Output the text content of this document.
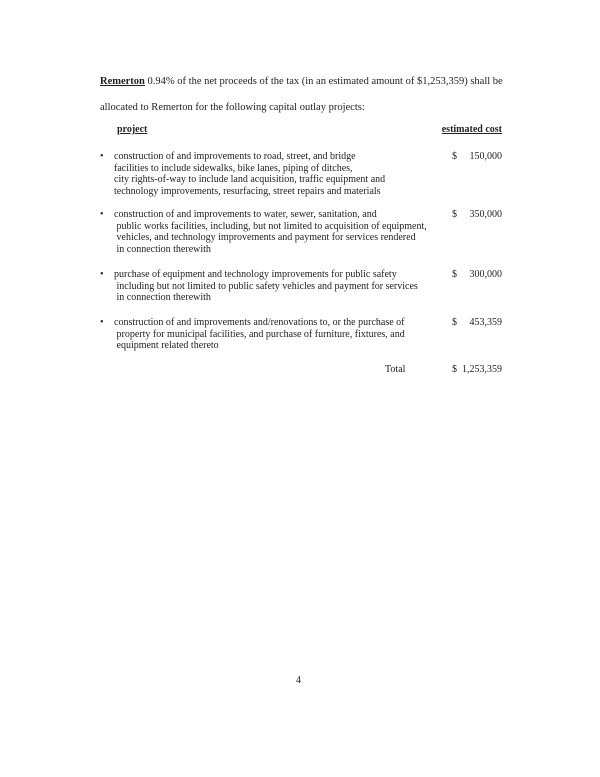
Remerton 0.94% of the net proceeds of the tax (in an estimated amount of $1,253,359) shall be
allocated to Remerton for the following capital outlay projects:
project	estimated cost
• construction of and improvements to road, street, and bridge
facilities to include sidewalks, bike lanes, piping of ditches,
city rights-of-way to include land acquisition, traffic equipment and
technology improvements, resurfacing, street repairs and materials
$ 150,000
• construction of and improvements to water, sewer, sanitation, and
public works facilities, including, but not limited to acquisition of equipment,
vehicles, and technology improvements and payment for services rendered
in connection therewith
$ 350,000
• purchase of equipment and technology improvements for public safety
including but not limited to public safety vehicles and payment for services
in connection therewith
$ 300,000
• construction of and improvements and/renovations to, or the purchase of
property for municipal facilities, and purchase of furniture, fixtures, and
equipment related thereto
$ 453,359
Total	$ 1,253,359
4
